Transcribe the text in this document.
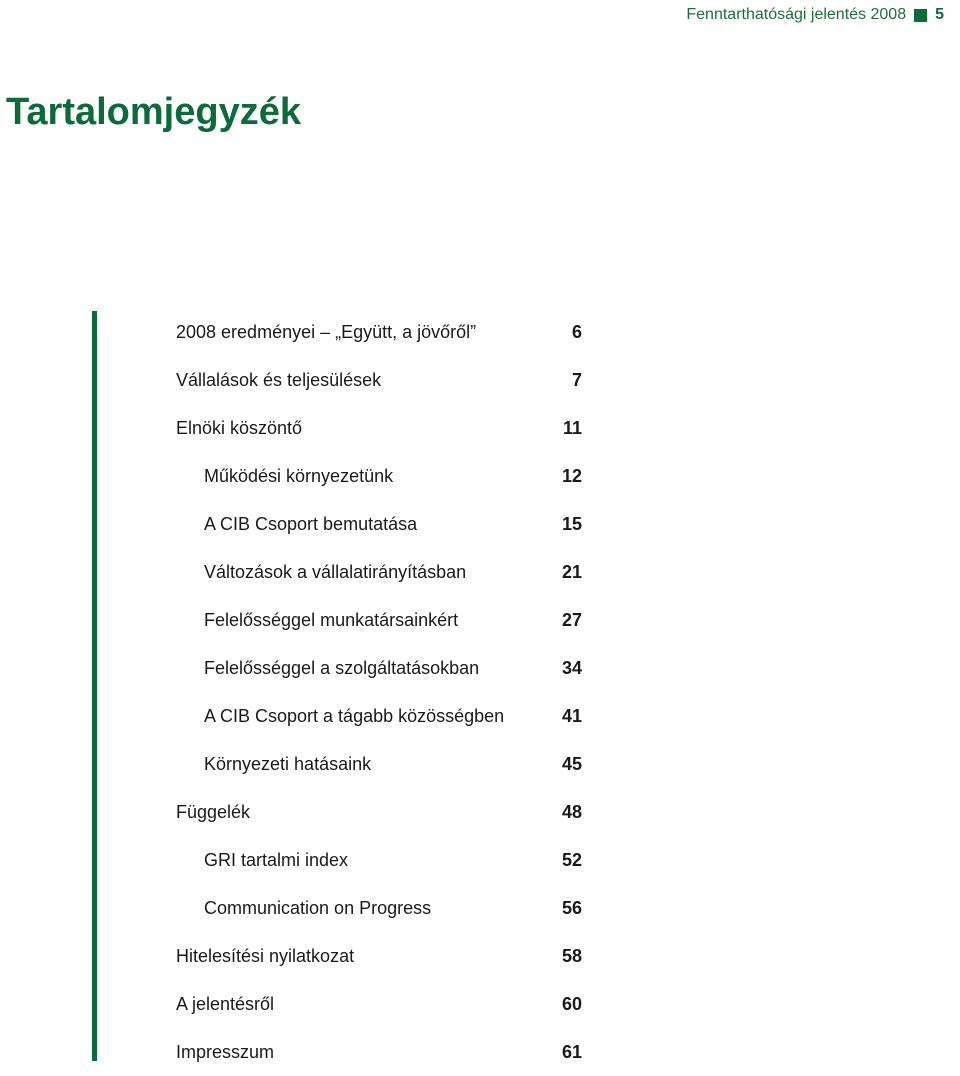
Fenntarthatósági jelentés 2008 5
Tartalomjegyzék
2008 eredményei – „Együtt, a jövőről”	6
Vállalások és teljesülések	7
Elnöki köszöntő	11
Működési környezetünk	12
A CIB Csoport bemutatása	15
Változások a vállalatirányításban	21
Felelősséggel munkatársainkért	27
Felelősséggel a szolgáltatásokban	34
A CIB Csoport a tágabb közösségben	41
Környezeti hatásaink	45
Függelék	48
GRI tartalmi index	52
Communication on Progress	56
Hitelesítési nyilatkozat	58
A jelentésről	60
Impresszum	61
